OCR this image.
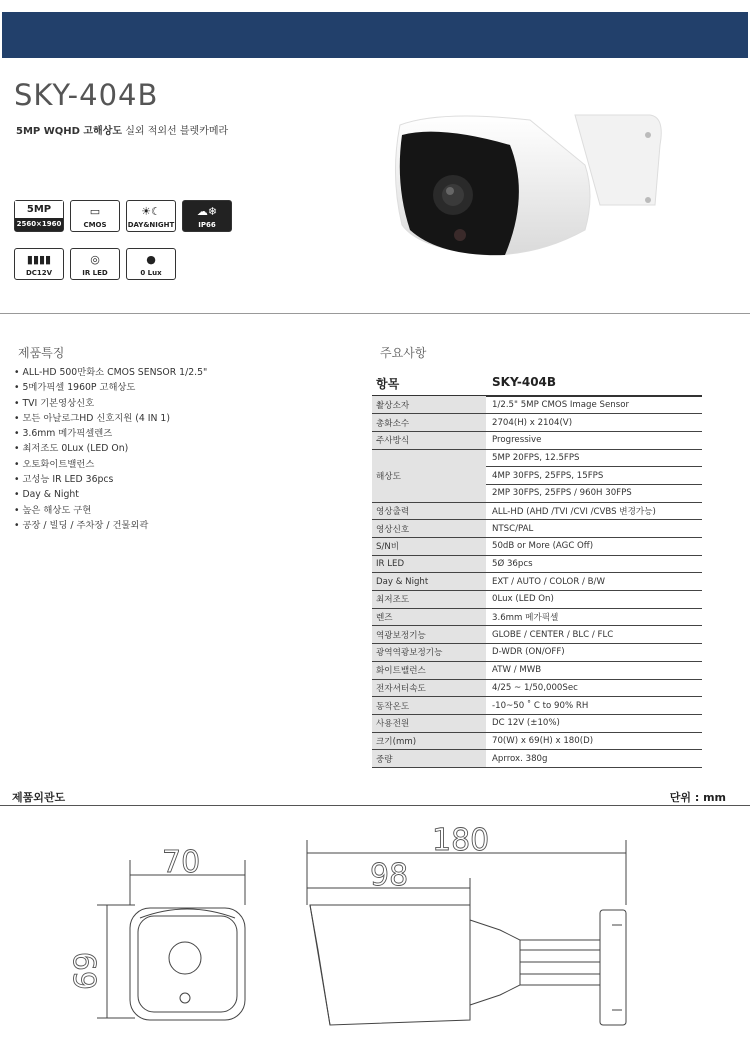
SKY-404B
5MP WQHD 고해상도 실외 적외선 블렛카메라
5MP
2560×1960
▭
CMOS
☀☾
DAY&NIGHT
☁❄
IP66
▮▮▮▮
DC12V
◎
IR LED
●
0 Lux
제품특징
• ALL-HD 500만화소 CMOS SENSOR 1/2.5"
• 5메가픽셀 1960P 고해상도
• TVI 기본영상신호
• 모든 아날로그HD 신호지원 (4 IN 1)
• 3.6mm 메가픽셀렌즈
• 최저조도 0Lux (LED On)
• 오토화이트밸런스
• 고성능 IR LED 36pcs
• Day & Night
• 높은 해상도 구현
• 공장 / 빌딩 / 주차장 / 건물외곽
주요사항
항목	SKY-404B
촬상소자	1/2.5" 5MP CMOS Image Sensor
총화소수	2704(H) x 2104(V)
주사방식	Progressive
해상도	5MP 20FPS, 12.5FPS
	4MP 30FPS, 25FPS, 15FPS
	2MP 30FPS, 25FPS / 960H 30FPS
영상출력	ALL-HD (AHD /TVI /CVI /CVBS 변경가능)
영상신호	NTSC/PAL
S/N비	50dB or More (AGC Off)
IR LED	5Ø 36pcs
Day & Night	EXT / AUTO / COLOR / B/W
최저조도	0Lux (LED On)
렌즈	3.6mm 메가픽셀
역광보정기능	GLOBE / CENTER / BLC / FLC
광역역광보정기능	D-WDR (ON/OFF)
화이트밸런스	ATW / MWB
전자셔터속도	4/25 ~ 1/50,000Sec
동작온도	-10~50 ˚ C to 90% RH
사용전원	DC 12V (±10%)
크기(mm)	70(W) x 69(H) x 180(D)
중량	Aprrox. 380g
제품외관도	단위 : mm
70
69
180
98
